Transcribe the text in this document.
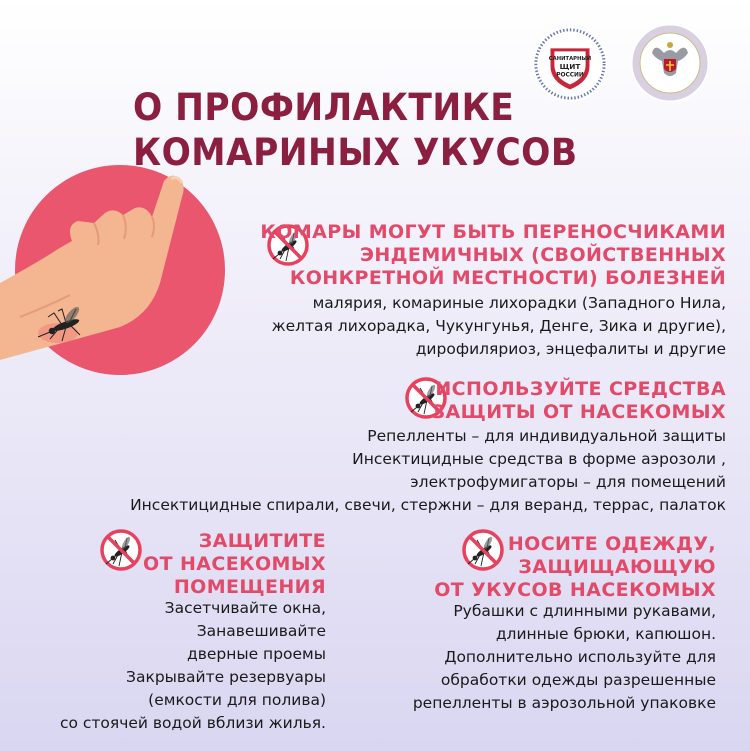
САНИТАРНЫЙ
ЩИТ
РОССИИ
О ПРОФИЛАКТИКЕ
КОМАРИНЫХ УКУСОВ
КОМАРЫ МОГУТ БЫТЬ ПЕРЕНОСЧИКАМИ
ЭНДЕМИЧНЫХ (СВОЙСТВЕННЫХ
КОНКРЕТНОЙ МЕСТНОСТИ) БОЛЕЗНЕЙ
малярия, комариные лихорадки (Западного Нила,
желтая лихорадка, Чукунгунья, Денге, Зика и другие),
дирофиляриоз, энцефалиты и другие
ИСПОЛЬЗУЙТЕ СРЕДСТВА
ЗАЩИТЫ ОТ НАСЕКОМЫХ
Репелленты – для индивидуальной защиты
Инсектицидные средства в форме аэрозоли ,
электрофумигаторы – для помещений
Инсектицидные спирали, свечи, стержни – для веранд, террас, палаток
ЗАЩИТИТЕ
ОТ НАСЕКОМЫХ
ПОМЕЩЕНИЯ
Засетчивайте окна,
Занавешивайте
дверные проемы
Закрывайте резервуары
(емкости для полива)
со стоячей водой вблизи жилья.
НОСИТЕ ОДЕЖДУ,
ЗАЩИЩАЮЩУЮ
ОТ УКУСОВ НАСЕКОМЫХ
Рубашки с длинными рукавами,
длинные брюки, капюшон.
Дополнительно используйте для
обработки одежды разрешенные
репелленты в аэрозольной упаковке
